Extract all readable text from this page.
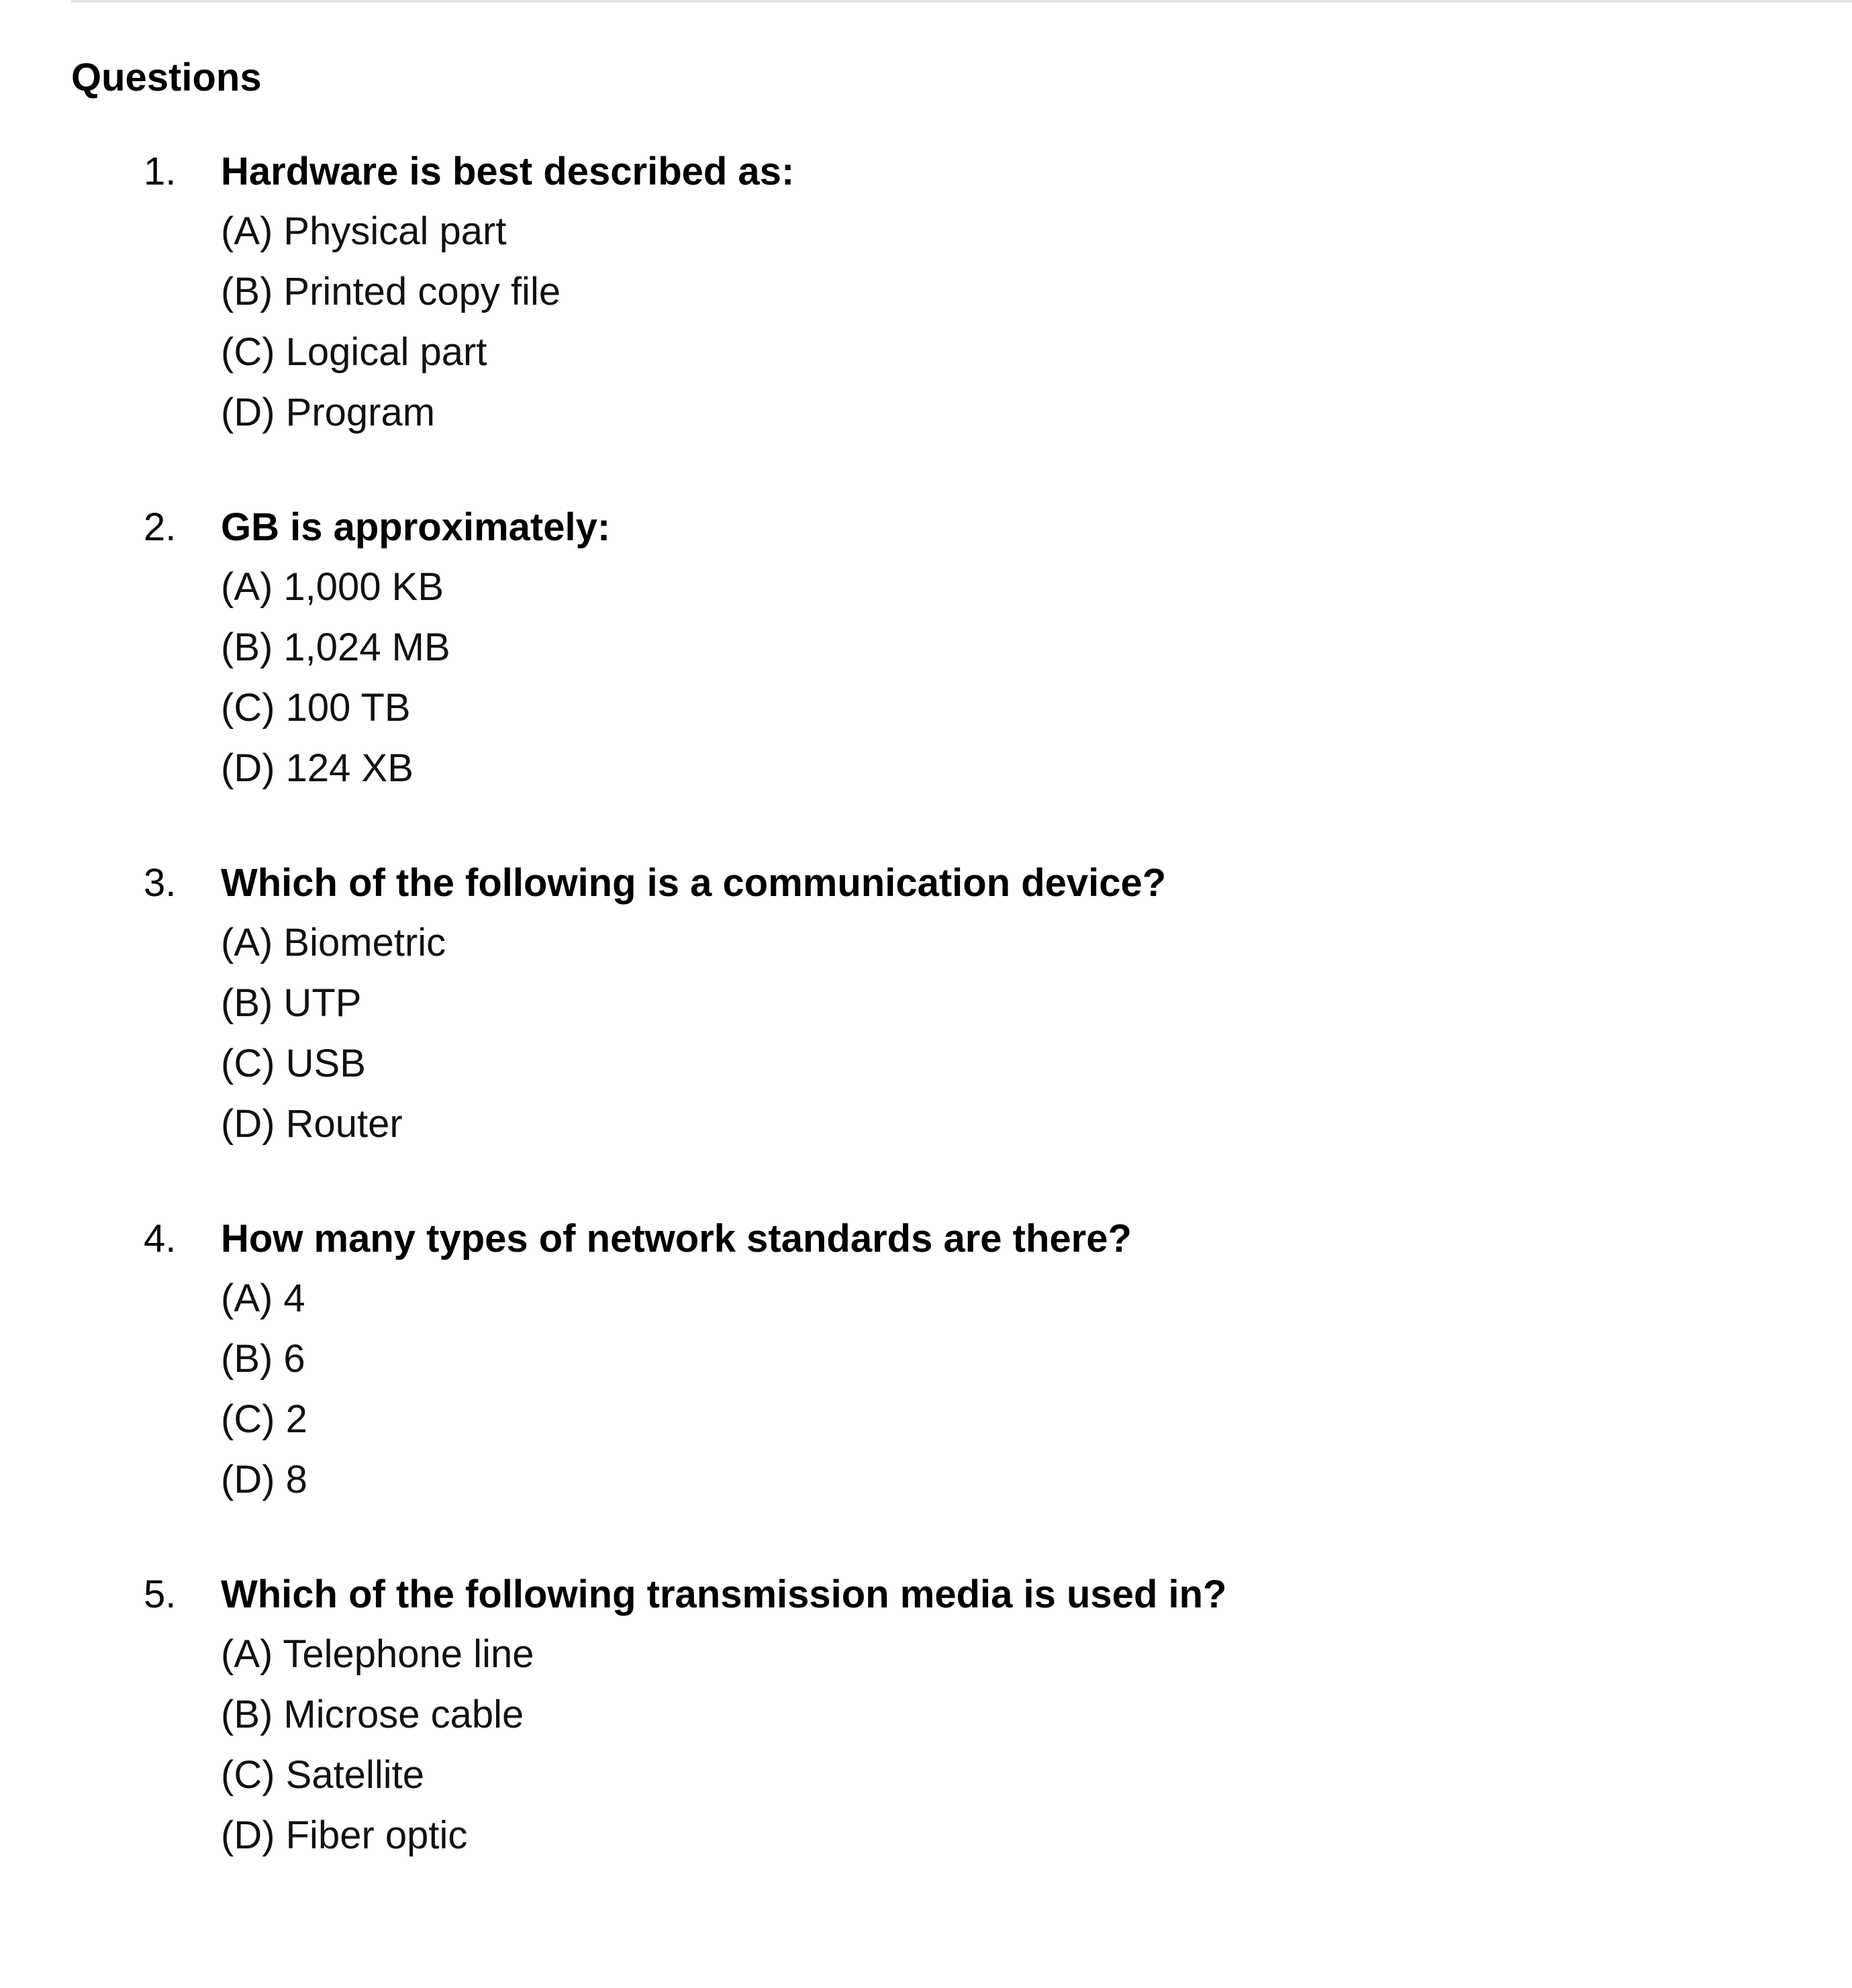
Questions
1. Hardware is best described as:
(A) Physical part
(B) Printed copy file
(C) Logical part
(D) Program
2. GB is approximately:
(A) 1,000 KB
(B) 1,024 MB
(C) 100 TB
(D) 124 XB
3. Which of the following is a communication device?
(A) Biometric
(B) UTP
(C) USB
(D) Router
4. How many types of network standards are there?
(A) 4
(B) 6
(C) 2
(D) 8
5. Which of the following transmission media is used in?
(A) Telephone line
(B) Microse cable
(C) Satellite
(D) Fiber optic
